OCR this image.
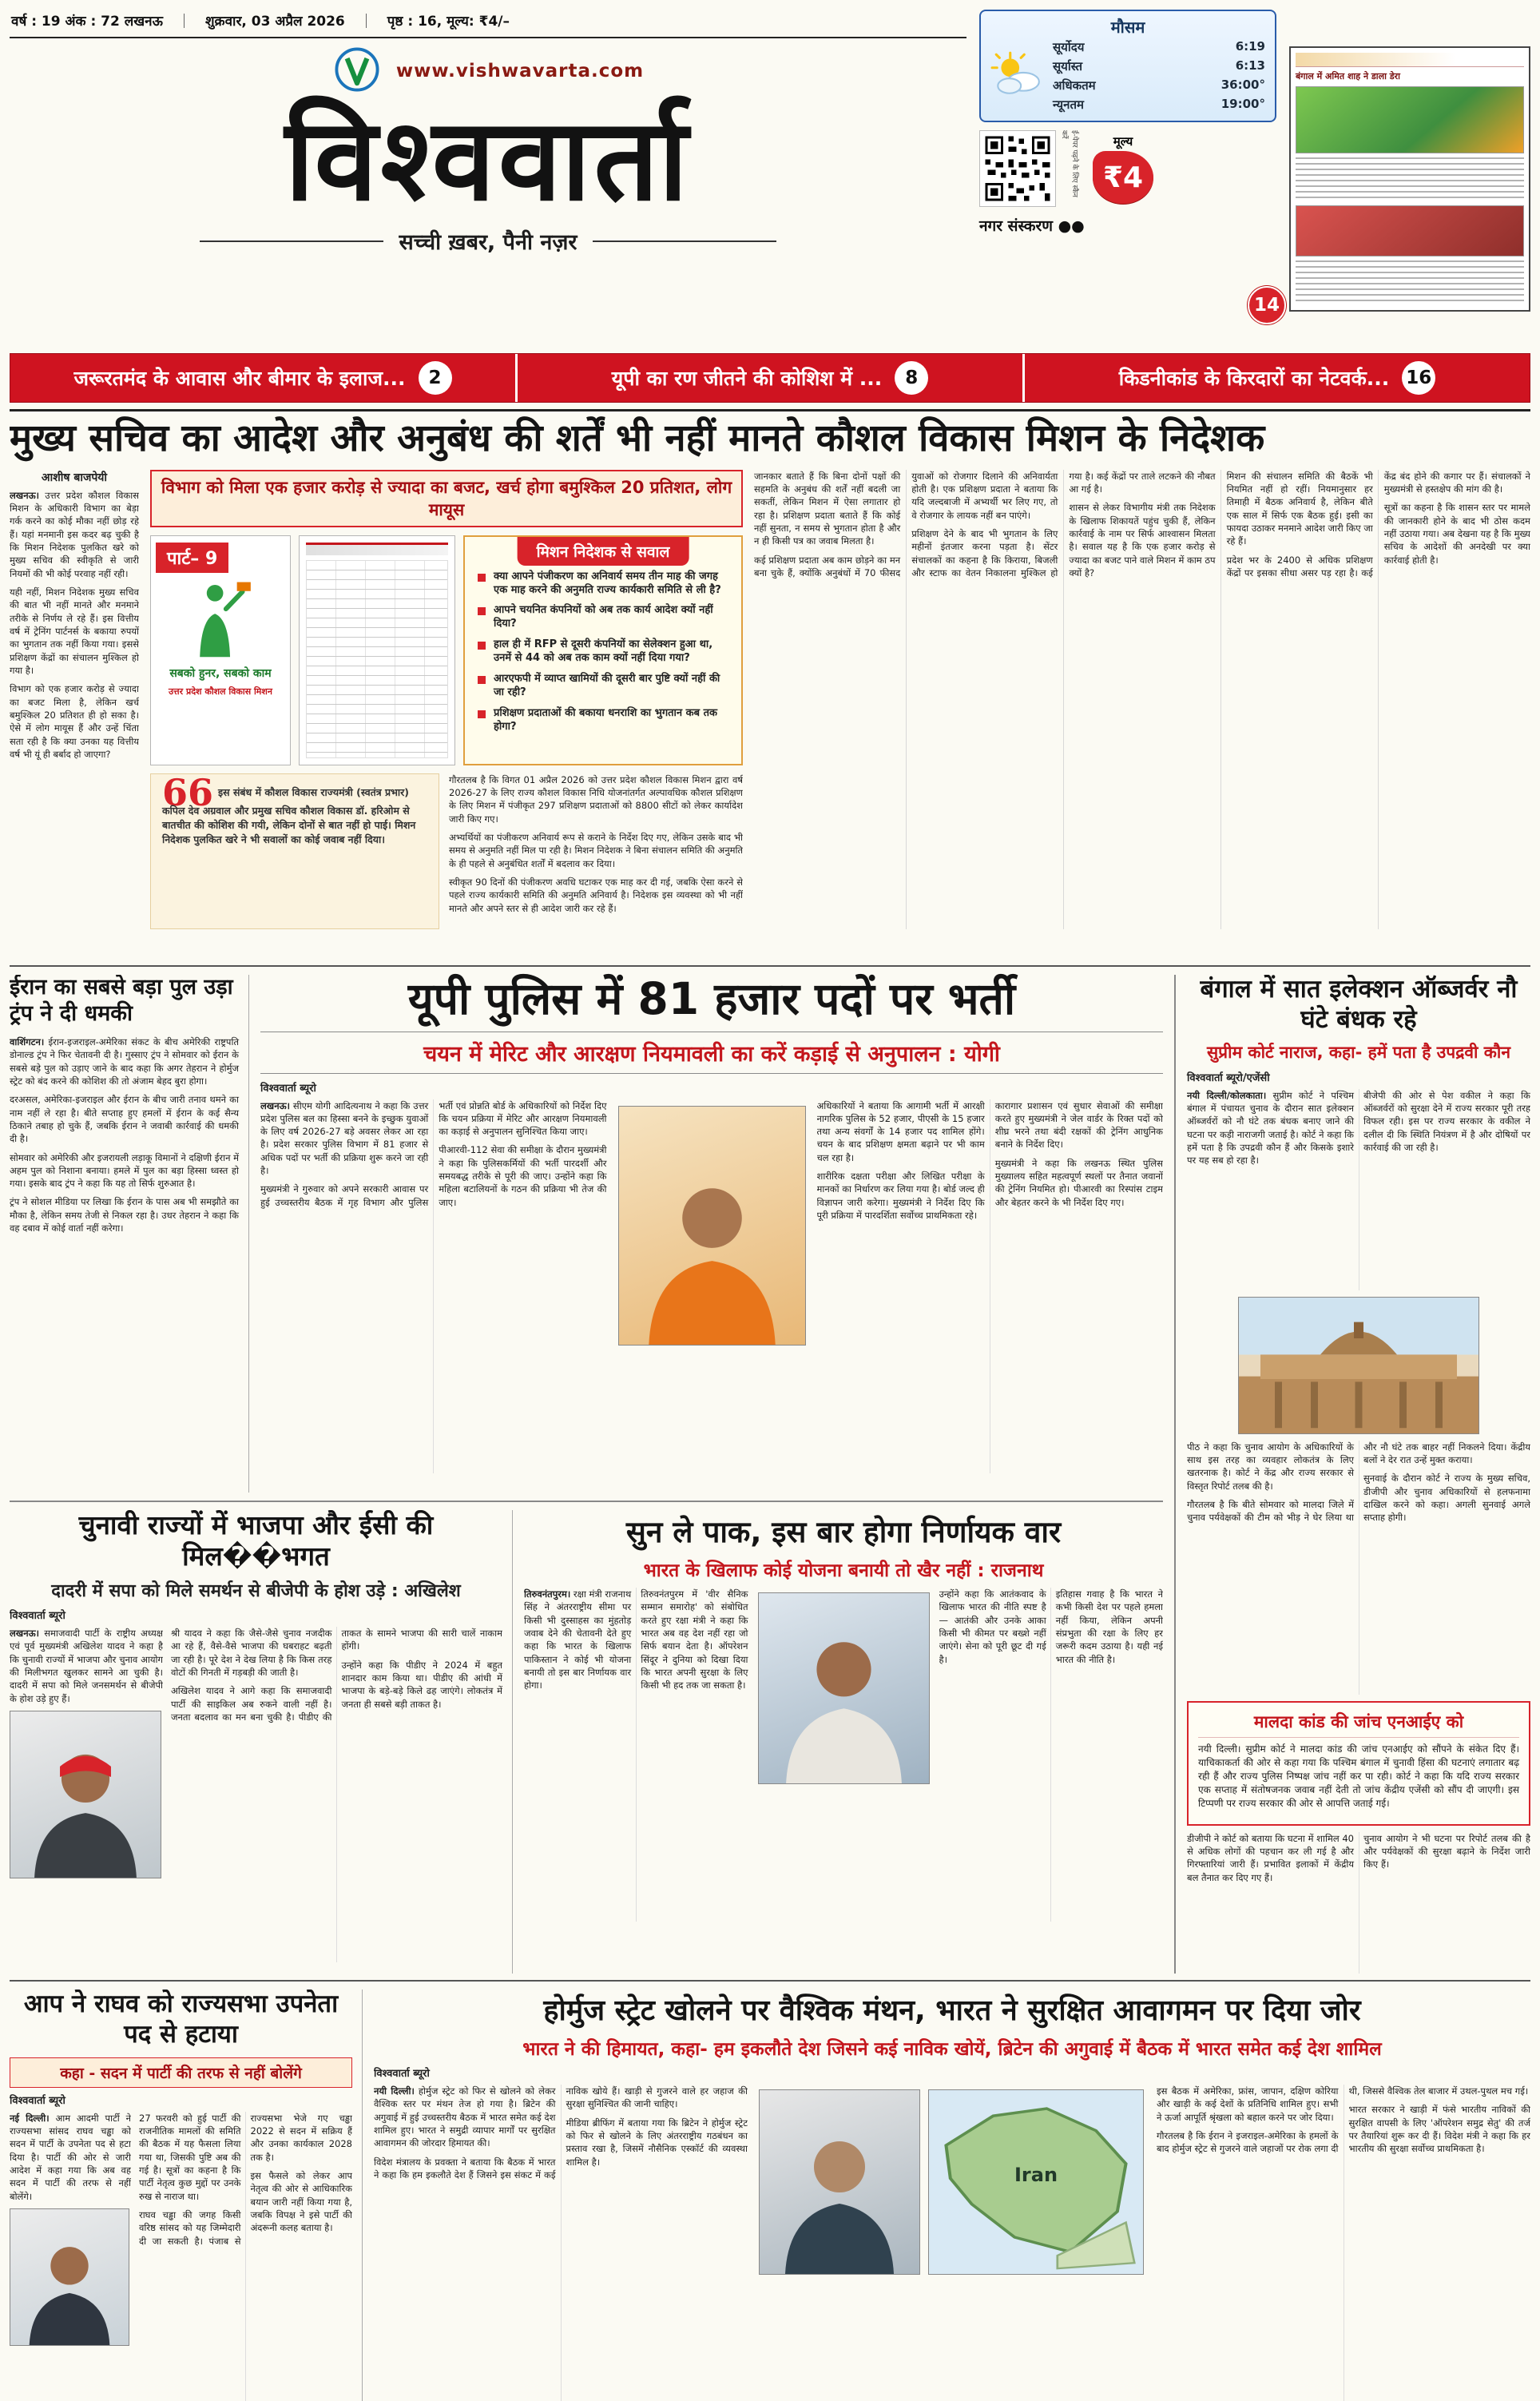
वर्ष : 19 अंक : 72 लखनऊ	शुक्रवार, 03 अप्रैल 2026	पृष्ठ : 16, मूल्य: ₹4/–
www.vishwavarta.com
विश्ववार्ता
सच्ची ख़बर, पैनी नज़र
मौसम
सूर्योदय	6:19
सूर्यास्त	6:13
अधिकतम	36:00°
न्यूनतम	19:00°
ई-पेपर पढ़ने के लिए स्कैन करें	मूल्य
₹4
नगर संस्करण ●●
बंगाल में अमित शाह ने डाला डेरा
14
जरूरतमंद के आवास और बीमार के इलाज...	2	यूपी का रण जीतने की कोशिश में ...	8	किडनीकांड के किरदारों का नेटवर्क... 16
मुख्य सचिव का आदेश और अनुबंध की शर्तें भी नहीं मानते कौशल विकास मिशन के निदेशक
आशीष बाजपेयी

लखनऊ। उत्तर प्रदेश कौशल विकास मिशन के अधिकारी विभाग का बेड़ा गर्क करने का कोई मौका नहीं छोड़ रहे हैं। यहां मनमानी इस कदर बढ़ चुकी है कि मिशन निदेशक पुलकित खरे को मुख्य सचिव की स्वीकृति से जारी नियमों की भी कोई परवाह नहीं रही।

यही नहीं, मिशन निदेशक मुख्य सचिव की बात भी नहीं मानते और मनमाने तरीके से निर्णय ले रहे हैं। इस वित्तीय वर्ष में ट्रेनिंग पार्टनर्स के बकाया रुपयों का भुगतान तक नहीं किया गया। इससे प्रशिक्षण केंद्रों का संचालन मुश्किल हो गया है।

विभाग को एक हजार करोड़ से ज्यादा का बजट मिला है, लेकिन खर्च बमुश्किल 20 प्रतिशत ही हो सका है। ऐसे में लोग मायूस हैं और उन्हें चिंता सता रही है कि क्या उनका यह वित्तीय वर्ष भी यूं ही बर्बाद हो जाएगा?

विभाग को मिला एक हजार करोड़ से ज्यादा का बजट, खर्च होगा बमुश्किल 20 प्रतिशत, लोग मायूस
पार्ट– 9
सबको हुनर, सबको काम
उत्तर प्रदेश कौशल विकास मिशन
मिशन निदेशक से सवाल
क्या आपने पंजीकरण का अनिवार्य समय तीन माह की जगह एक माह करने की अनुमति राज्य कार्यकारी समिति से ली है?
आपने चयनित कंपनियों को अब तक कार्य आदेश क्यों नहीं दिया?
हाल ही में RFP से दूसरी कंपनियों का सेलेक्शन हुआ था, उनमें से 44 को अब तक काम क्यों नहीं दिया गया?
आरएफपी में व्याप्त खामियों की दूसरी बार पुष्टि क्यों नहीं की जा रही?
प्रशिक्षण प्रदाताओं की बकाया धनराशि का भुगतान कब तक होगा?
66 इस संबंध में कौशल विकास राज्यमंत्री (स्वतंत्र प्रभार) कपिल देव अग्रवाल और प्रमुख सचिव कौशल विकास डॉ. हरिओम से बातचीत की कोशिश की गयी, लेकिन दोनों से बात नहीं हो पाई। मिशन निदेशक पुलकित खरे ने भी सवालों का कोई जवाब नहीं दिया।

गौरतलब है कि विगत 01 अप्रैल 2026 को उत्तर प्रदेश कौशल विकास मिशन द्वारा वर्ष 2026-27 के लिए राज्य कौशल विकास निधि योजनांतर्गत अल्पावधिक कौशल प्रशिक्षण के लिए मिशन में पंजीकृत 297 प्रशिक्षण प्रदाताओं को 8800 सीटों को लेकर कार्यादेश जारी किए गए।

अभ्यर्थियों का पंजीकरण अनिवार्य रूप से कराने के निर्देश दिए गए, लेकिन उसके बाद भी समय से अनुमति नहीं मिल पा रही है। मिशन निदेशक ने बिना संचालन समिति की अनुमति के ही पहले से अनुबंधित शर्तों में बदलाव कर दिया।

स्वीकृत 90 दिनों की पंजीकरण अवधि घटाकर एक माह कर दी गई, जबकि ऐसा करने से पहले राज्य कार्यकारी समिति की अनुमति अनिवार्य है। निदेशक इस व्यवस्था को भी नहीं मानते और अपने स्तर से ही आदेश जारी कर रहे हैं।

जानकार बताते हैं कि बिना दोनों पक्षों की सहमति के अनुबंध की शर्तें नहीं बदली जा सकतीं, लेकिन मिशन में ऐसा लगातार हो रहा है। प्रशिक्षण प्रदाता बताते हैं कि कोई नहीं सुनता, न समय से भुगतान होता है और न ही किसी पत्र का जवाब मिलता है।

कई प्रशिक्षण प्रदाता अब काम छोड़ने का मन बना चुके हैं, क्योंकि अनुबंधों में 70 फीसद युवाओं को रोजगार दिलाने की अनिवार्यता होती है। एक प्रशिक्षण प्रदाता ने बताया कि यदि जल्दबाजी में अभ्यर्थी भर लिए गए, तो वे रोजगार के लायक नहीं बन पाएंगे।

प्रशिक्षण देने के बाद भी भुगतान के लिए महीनों इंतजार करना पड़ता है। सेंटर संचालकों का कहना है कि किराया, बिजली और स्टाफ का वेतन निकालना मुश्किल हो गया है। कई केंद्रों पर ताले लटकने की नौबत आ गई है।

शासन से लेकर विभागीय मंत्री तक निदेशक के खिलाफ शिकायतें पहुंच चुकी हैं, लेकिन कार्रवाई के नाम पर सिर्फ आश्वासन मिलता है। सवाल यह है कि एक हजार करोड़ से ज्यादा का बजट पाने वाले मिशन में काम ठप क्यों है?

मिशन की संचालन समिति की बैठकें भी नियमित नहीं हो रहीं। नियमानुसार हर तिमाही में बैठक अनिवार्य है, लेकिन बीते एक साल में सिर्फ एक बैठक हुई। इसी का फायदा उठाकर मनमाने आदेश जारी किए जा रहे हैं।

प्रदेश भर के 2400 से अधिक प्रशिक्षण केंद्रों पर इसका सीधा असर पड़ रहा है। कई केंद्र बंद होने की कगार पर हैं। संचालकों ने मुख्यमंत्री से हस्तक्षेप की मांग की है।

सूत्रों का कहना है कि शासन स्तर पर मामले की जानकारी होने के बाद भी ठोस कदम नहीं उठाया गया। अब देखना यह है कि मुख्य सचिव के आदेशों की अनदेखी पर क्या कार्रवाई होती है।

ईरान का सबसे बड़ा पुल उड़ा ट्रंप ने दी धमकी

वाशिंगटन। ईरान-इजराइल-अमेरिका संकट के बीच अमेरिकी राष्ट्रपति डोनाल्ड ट्रंप ने फिर चेतावनी दी है। गुस्साए ट्रंप ने सोमवार को ईरान के सबसे बड़े पुल को उड़ाए जाने के बाद कहा कि अगर तेहरान ने होर्मुज स्ट्रेट को बंद करने की कोशिश की तो अंजाम बेहद बुरा होगा।

दरअसल, अमेरिका-इजराइल और ईरान के बीच जारी तनाव थमने का नाम नहीं ले रहा है। बीते सप्ताह हुए हमलों में ईरान के कई सैन्य ठिकाने तबाह हो चुके हैं, जबकि ईरान ने जवाबी कार्रवाई की धमकी दी है।

सोमवार को अमेरिकी और इजरायली लड़ाकू विमानों ने दक्षिणी ईरान में अहम पुल को निशाना बनाया। हमले में पुल का बड़ा हिस्सा ध्वस्त हो गया। इसके बाद ट्रंप ने कहा कि यह तो सिर्फ शुरुआत है।

ट्रंप ने सोशल मीडिया पर लिखा कि ईरान के पास अब भी समझौते का मौका है, लेकिन समय तेजी से निकल रहा है। उधर तेहरान ने कहा कि वह दबाव में कोई वार्ता नहीं करेगा।

यूपी पुलिस में 81 हजार पदों पर भर्ती
चयन में मेरिट और आरक्षण नियमावली का करें कड़ाई से अनुपालन : योगी
विश्ववार्ता ब्यूरो

लखनऊ। सीएम योगी आदित्यनाथ ने कहा कि उत्तर प्रदेश पुलिस बल का हिस्सा बनने के इच्छुक युवाओं के लिए वर्ष 2026-27 बड़े अवसर लेकर आ रहा है। प्रदेश सरकार पुलिस विभाग में 81 हजार से अधिक पदों पर भर्ती की प्रक्रिया शुरू करने जा रही है।

मुख्यमंत्री ने गुरुवार को अपने सरकारी आवास पर हुई उच्चस्तरीय बैठक में गृह विभाग और पुलिस भर्ती एवं प्रोन्नति बोर्ड के अधिकारियों को निर्देश दिए कि चयन प्रक्रिया में मेरिट और आरक्षण नियमावली का कड़ाई से अनुपालन सुनिश्चित किया जाए।

पीआरवी-112 सेवा की समीक्षा के दौरान मुख्यमंत्री ने कहा कि पुलिसकर्मियों की भर्ती पारदर्शी और समयबद्ध तरीके से पूरी की जाए। उन्होंने कहा कि महिला बटालियनों के गठन की प्रक्रिया भी तेज की जाए।

अधिकारियों ने बताया कि आगामी भर्ती में आरक्षी नागरिक पुलिस के 52 हजार, पीएसी के 15 हजार तथा अन्य संवर्गों के 14 हजार पद शामिल होंगे। चयन के बाद प्रशिक्षण क्षमता बढ़ाने पर भी काम चल रहा है।

शारीरिक दक्षता परीक्षा और लिखित परीक्षा के मानकों का निर्धारण कर लिया गया है। बोर्ड जल्द ही विज्ञापन जारी करेगा। मुख्यमंत्री ने निर्देश दिए कि पूरी प्रक्रिया में पारदर्शिता सर्वोच्च प्राथमिकता रहे।

कारागार प्रशासन एवं सुधार सेवाओं की समीक्षा करते हुए मुख्यमंत्री ने जेल वार्डर के रिक्त पदों को शीघ्र भरने तथा बंदी रक्षकों की ट्रेनिंग आधुनिक बनाने के निर्देश दिए।

मुख्यमंत्री ने कहा कि लखनऊ स्थित पुलिस मुख्यालय सहित महत्वपूर्ण स्थलों पर तैनात जवानों की ट्रेनिंग नियमित हो। पीआरवी का रिस्पांस टाइम और बेहतर करने के भी निर्देश दिए गए।

चुनावी राज्यों में भाजपा और ईसी की मिल��भगत
दादरी में सपा को मिले समर्थन से बीजेपी के होश उड़े : अखिलेश
विश्ववार्ता ब्यूरो

लखनऊ। समाजवादी पार्टी के राष्ट्रीय अध्यक्ष एवं पूर्व मुख्यमंत्री अखिलेश यादव ने कहा है कि चुनावी राज्यों में भाजपा और चुनाव आयोग की मिलीभगत खुलकर सामने आ चुकी है। दादरी में सपा को मिले जनसमर्थन से बीजेपी के होश उड़े हुए हैं।

श्री यादव ने कहा कि जैसे-जैसे चुनाव नजदीक आ रहे हैं, वैसे-वैसे भाजपा की घबराहट बढ़ती जा रही है। पूरे देश ने देख लिया है कि किस तरह वोटों की गिनती में गड़बड़ी की जाती है।

अखिलेश यादव ने आगे कहा कि समाजवादी पार्टी की साइकिल अब रुकने वाली नहीं है। जनता बदलाव का मन बना चुकी है। पीडीए की ताकत के सामने भाजपा की सारी चालें नाकाम होंगी।

उन्होंने कहा कि पीडीए ने 2024 में बहुत शानदार काम किया था। पीडीए की आंधी में भाजपा के बड़े-बड़े किले ढह जाएंगे। लोकतंत्र में जनता ही सबसे बड़ी ताकत है।

सुन ले पाक, इस बार होगा निर्णायक वार
भारत के खिलाफ कोई योजना बनायी तो खैर नहीं : राजनाथ

तिरुवनंतपुरम। रक्षा मंत्री राजनाथ सिंह ने अंतरराष्ट्रीय सीमा पर किसी भी दुस्साहस का मुंहतोड़ जवाब देने की चेतावनी देते हुए कहा कि भारत के खिलाफ पाकिस्तान ने कोई भी योजना बनायी तो इस बार निर्णायक वार होगा।

तिरुवनंतपुरम में 'वीर सैनिक सम्मान समारोह' को संबोधित करते हुए रक्षा मंत्री ने कहा कि भारत अब वह देश नहीं रहा जो सिर्फ बयान देता है। ऑपरेशन सिंदूर ने दुनिया को दिखा दिया कि भारत अपनी सुरक्षा के लिए किसी भी हद तक जा सकता है।

उन्होंने कहा कि आतंकवाद के खिलाफ भारत की नीति स्पष्ट है— आतंकी और उनके आका किसी भी कीमत पर बख्शे नहीं जाएंगे। सेना को पूरी छूट दी गई है।

इतिहास गवाह है कि भारत ने कभी किसी देश पर पहले हमला नहीं किया, लेकिन अपनी संप्रभुता की रक्षा के लिए हर जरूरी कदम उठाया है। यही नई भारत की नीति है।

बंगाल में सात इलेक्शन ऑब्जर्वर नौ घंटे बंधक रहे
सुप्रीम कोर्ट नाराज, कहा- हमें पता है उपद्रवी कौन
विश्ववार्ता ब्यूरो/एजेंसी

नयी दिल्ली/कोलकाता। सुप्रीम कोर्ट ने पश्चिम बंगाल में पंचायत चुनाव के दौरान सात इलेक्शन ऑब्जर्वरों को नौ घंटे तक बंधक बनाए जाने की घटना पर कड़ी नाराजगी जताई है। कोर्ट ने कहा कि हमें पता है कि उपद्रवी कौन हैं और किसके इशारे पर यह सब हो रहा है।

बीजेपी की ओर से पेश वकील ने कहा कि ऑब्जर्वरों को सुरक्षा देने में राज्य सरकार पूरी तरह विफल रही। इस पर राज्य सरकार के वकील ने दलील दी कि स्थिति नियंत्रण में है और दोषियों पर कार्रवाई की जा रही है।

पीठ ने कहा कि चुनाव आयोग के अधिकारियों के साथ इस तरह का व्यवहार लोकतंत्र के लिए खतरनाक है। कोर्ट ने केंद्र और राज्य सरकार से विस्तृत रिपोर्ट तलब की है।

गौरतलब है कि बीते सोमवार को मालदा जिले में चुनाव पर्यवेक्षकों की टीम को भीड़ ने घेर लिया था और नौ घंटे तक बाहर नहीं निकलने दिया। केंद्रीय बलों ने देर रात उन्हें मुक्त कराया।

सुनवाई के दौरान कोर्ट ने राज्य के मुख्य सचिव, डीजीपी और चुनाव अधिकारियों से हलफनामा दाखिल करने को कहा। अगली सुनवाई अगले सप्ताह होगी।

मालदा कांड की जांच एनआईए को

नयी दिल्ली। सुप्रीम कोर्ट ने मालदा कांड की जांच एनआईए को सौंपने के संकेत दिए हैं। याचिकाकर्ता की ओर से कहा गया कि पश्चिम बंगाल में चुनावी हिंसा की घटनाएं लगातार बढ़ रही हैं और राज्य पुलिस निष्पक्ष जांच नहीं कर पा रही। कोर्ट ने कहा कि यदि राज्य सरकार एक सप्ताह में संतोषजनक जवाब नहीं देती तो जांच केंद्रीय एजेंसी को सौंप दी जाएगी। इस टिप्पणी पर राज्य सरकार की ओर से आपत्ति जताई गई।

डीजीपी ने कोर्ट को बताया कि घटना में शामिल 40 से अधिक लोगों की पहचान कर ली गई है और गिरफ्तारियां जारी हैं। प्रभावित इलाकों में केंद्रीय बल तैनात कर दिए गए हैं।

चुनाव आयोग ने भी घटना पर रिपोर्ट तलब की है और पर्यवेक्षकों की सुरक्षा बढ़ाने के निर्देश जारी किए हैं।

आप ने राघव को राज्यसभा उपनेता पद से हटाया
कहा - सदन में पार्टी की तरफ से नहीं बोलेंगे
विश्ववार्ता ब्यूरो

नई दिल्ली। आम आदमी पार्टी ने राज्यसभा सांसद राघव चड्ढा को सदन में पार्टी के उपनेता पद से हटा दिया है। पार्टी की ओर से जारी आदेश में कहा गया कि अब वह सदन में पार्टी की तरफ से नहीं बोलेंगे।

27 फरवरी को हुई पार्टी की राजनीतिक मामलों की समिति की बैठक में यह फैसला लिया गया था, जिसकी पुष्टि अब की गई है। सूत्रों का कहना है कि पार्टी नेतृत्व कुछ मुद्दों पर उनके रुख से नाराज था।

राघव चड्ढा की जगह किसी वरिष्ठ सांसद को यह जिम्मेदारी दी जा सकती है। पंजाब से राज्यसभा भेजे गए चड्ढा 2022 से सदन में सक्रिय हैं और उनका कार्यकाल 2028 तक है।

इस फैसले को लेकर आप नेतृत्व की ओर से आधिकारिक बयान जारी नहीं किया गया है, जबकि विपक्ष ने इसे पार्टी की अंदरूनी कलह बताया है।

होर्मुज स्ट्रेट खोलने पर वैश्विक मंथन, भारत ने सुरक्षित आवागमन पर दिया जोर
भारत ने की हिमायत, कहा- हम इकलौते देश जिसने कई नाविक खोयें, ब्रिटेन की अगुवाई में बैठक में भारत समेत कई देश शामिल
विश्ववार्ता ब्यूरो

नयी दिल्ली। होर्मुज स्ट्रेट को फिर से खोलने को लेकर वैश्विक स्तर पर मंथन तेज हो गया है। ब्रिटेन की अगुवाई में हुई उच्चस्तरीय बैठक में भारत समेत कई देश शामिल हुए। भारत ने समुद्री व्यापार मार्गों पर सुरक्षित आवागमन की जोरदार हिमायत की।

विदेश मंत्रालय के प्रवक्ता ने बताया कि बैठक में भारत ने कहा कि हम इकलौते देश हैं जिसने इस संकट में कई नाविक खोये हैं। खाड़ी से गुजरने वाले हर जहाज की सुरक्षा सुनिश्चित की जानी चाहिए।

मीडिया ब्रीफिंग में बताया गया कि ब्रिटेन ने होर्मुज स्ट्रेट को फिर से खोलने के लिए अंतरराष्ट्रीय गठबंधन का प्रस्ताव रखा है, जिसमें नौसैनिक एस्कॉर्ट की व्यवस्था शामिल है।

Iran

इस बैठक में अमेरिका, फ्रांस, जापान, दक्षिण कोरिया और खाड़ी के कई देशों के प्रतिनिधि शामिल हुए। सभी ने ऊर्जा आपूर्ति श्रृंखला को बहाल करने पर जोर दिया।

गौरतलब है कि ईरान ने इजराइल-अमेरिका के हमलों के बाद होर्मुज स्ट्रेट से गुजरने वाले जहाजों पर रोक लगा दी थी, जिससे वैश्विक तेल बाजार में उथल-पुथल मच गई।

भारत सरकार ने खाड़ी में फंसे भारतीय नाविकों की सुरक्षित वापसी के लिए 'ऑपरेशन समुद्र सेतु' की तर्ज पर तैयारियां शुरू कर दी हैं। विदेश मंत्री ने कहा कि हर भारतीय की सुरक्षा सर्वोच्च प्राथमिकता है।
